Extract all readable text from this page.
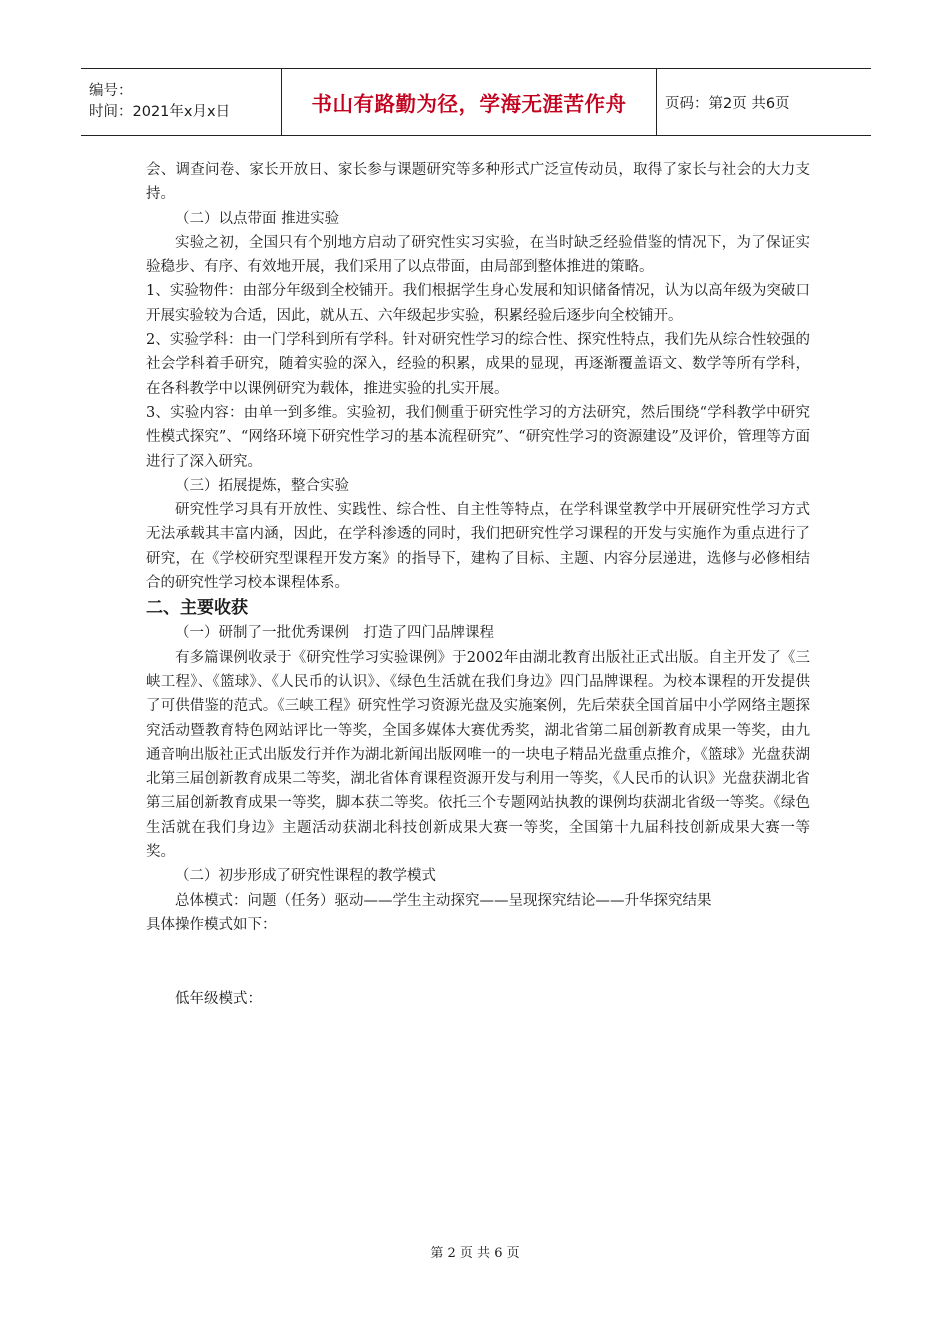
编号：
时间：2021年x月x日	书山有路勤为径，学海无涯苦作舟	页码：第2页 共6页

会、调查问卷、家长开放日、家长参与课题研究等多种形式广泛宣传动员，取得了家长与社会的大力支持。

（二）以点带面 推进实验

实验之初，全国只有个别地方启动了研究性实习实验，在当时缺乏经验借鉴的情况下，为了保证实验稳步、有序、有效地开展，我们采用了以点带面，由局部到整体推进的策略。

1、实验物件：由部分年级到全校铺开。我们根据学生身心发展和知识储备情况，认为以高年级为突破口开展实验较为合适，因此，就从五、六年级起步实验，积累经验后逐步向全校铺开。

2、实验学科：由一门学科到所有学科。针对研究性学习的综合性、探究性特点，我们先从综合性较强的社会学科着手研究，随着实验的深入，经验的积累，成果的显现，再逐渐覆盖语文、数学等所有学科，在各科教学中以课例研究为载体，推进实验的扎实开展。

3、实验内容：由单一到多维。实验初，我们侧重于研究性学习的方法研究，然后围绕“学科教学中研究性模式探究”、“网络环境下研究性学习的基本流程研究”、“研究性学习的资源建设”及评价，管理等方面进行了深入研究。

（三）拓展提炼，整合实验

研究性学习具有开放性、实践性、综合性、自主性等特点，在学科课堂教学中开展研究性学习方式无法承载其丰富内涵，因此，在学科渗透的同时，我们把研究性学习课程的开发与实施作为重点进行了研究，在《学校研究型课程开发方案》的指导下，建构了目标、主题、内容分层递进，选修与必修相结合的研究性学习校本课程体系。

二、主要收获

（一）研制了一批优秀课例　打造了四门品牌课程

有多篇课例收录于《研究性学习实验课例》于2002年由湖北教育出版社正式出版。自主开发了《三峡工程》、《篮球》、《人民币的认识》、《绿色生活就在我们身边》四门品牌课程。为校本课程的开发提供了可供借鉴的范式。《三峡工程》研究性学习资源光盘及实施案例，先后荣获全国首届中小学网络主题探究活动暨教育特色网站评比一等奖，全国多媒体大赛优秀奖，湖北省第二届创新教育成果一等奖，由九通音响出版社正式出版发行并作为湖北新闻出版网唯一的一块电子精品光盘重点推介，《篮球》光盘获湖北第三届创新教育成果二等奖，湖北省体育课程资源开发与利用一等奖，《人民币的认识》光盘获湖北省第三届创新教育成果一等奖，脚本获二等奖。依托三个专题网站执教的课例均获湖北省级一等奖。《绿色生活就在我们身边》主题活动获湖北科技创新成果大赛一等奖，全国第十九届科技创新成果大赛一等奖。

（二）初步形成了研究性课程的教学模式

总体模式：问题（任务）驱动——学生主动探究——呈现探究结论——升华探究结果

具体操作模式如下：

低年级模式：

第 2 页 共 6 页
